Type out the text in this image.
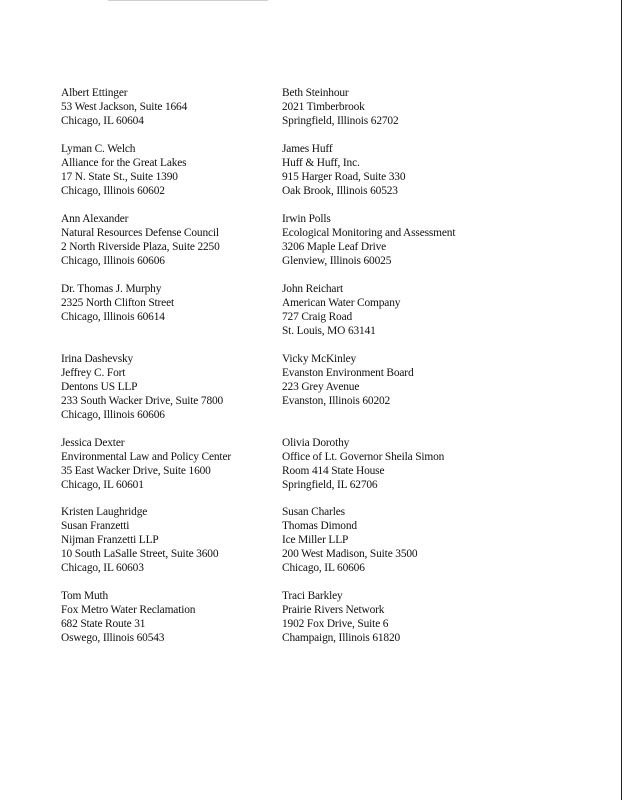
Albert Ettinger
53 West Jackson, Suite 1664
Chicago, IL 60604
Lyman C. Welch
Alliance for the Great Lakes
17 N. State St., Suite 1390
Chicago, Illinois 60602
Ann Alexander
Natural Resources Defense Council
2 North Riverside Plaza, Suite 2250
Chicago, Illinois 60606
Dr. Thomas J. Murphy
2325 North Clifton Street
Chicago, Illinois 60614
Irina Dashevsky
Jeffrey C. Fort
Dentons US LLP
233 South Wacker Drive, Suite 7800
Chicago, Illinois 60606
Jessica Dexter
Environmental Law and Policy Center
35 East Wacker Drive, Suite 1600
Chicago, IL 60601
Kristen Laughridge
Susan Franzetti
Nijman Franzetti LLP
10 South LaSalle Street, Suite 3600
Chicago, IL 60603
Tom Muth
Fox Metro Water Reclamation
682 State Route 31
Oswego, Illinois 60543
Beth Steinhour
2021 Timberbrook
Springfield, Illinois 62702
James Huff
Huff & Huff, Inc.
915 Harger Road, Suite 330
Oak Brook, Illinois 60523
Irwin Polls
Ecological Monitoring and Assessment
3206 Maple Leaf Drive
Glenview, Illinois 60025
John Reichart
American Water Company
727 Craig Road
St. Louis, MO 63141
Vicky McKinley
Evanston Environment Board
223 Grey Avenue
Evanston, Illinois 60202
Olivia Dorothy
Office of Lt. Governor Sheila Simon
Room 414 State House
Springfield, IL 62706
Susan Charles
Thomas Dimond
Ice Miller LLP
200 West Madison, Suite 3500
Chicago, IL 60606
Traci Barkley
Prairie Rivers Network
1902 Fox Drive, Suite 6
Champaign, Illinois 61820
